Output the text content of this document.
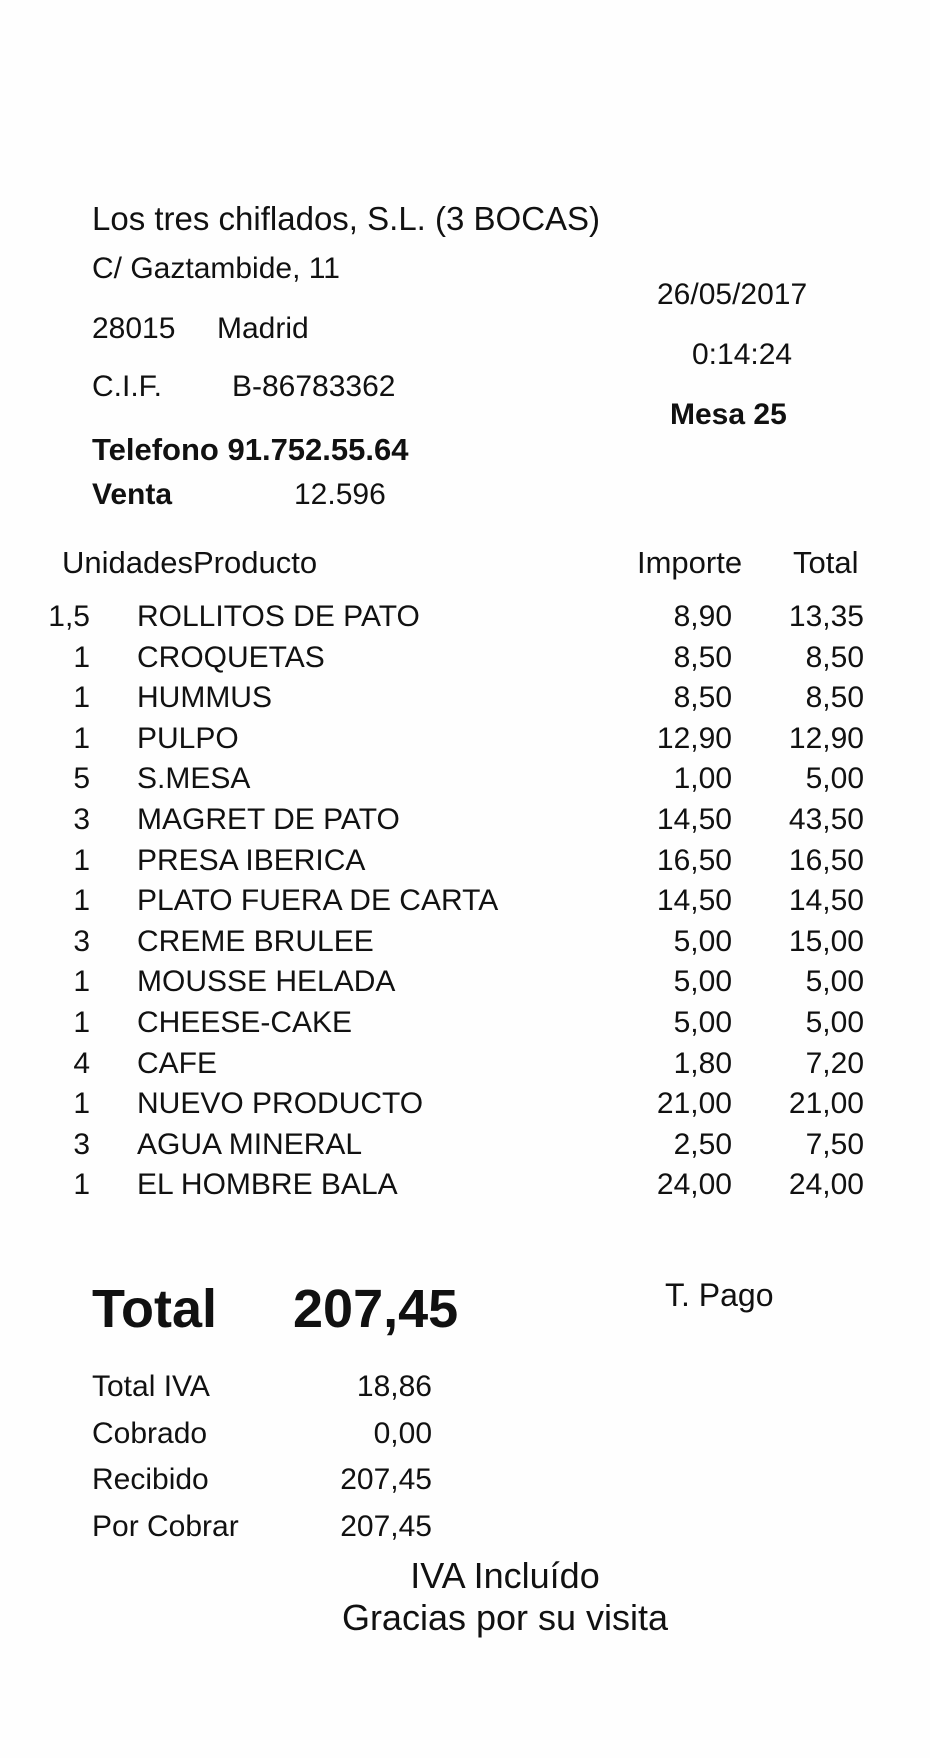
Los tres chiflados, S.L. (3 BOCAS)
C/ Gaztambide, 11
28015 Madrid
C.I.F. B-86783362
Telefono 91.752.55.64
Venta	12.596
26/05/2017
0:14:24
Mesa 25
UnidadesProducto	Importe Total
1,5 ROLLITOS DE PATO	8,90	13,35
1 CROQUETAS	8,50	8,50
1 HUMMUS	8,50	8,50
1 PULPO	12,90	12,90
5 S.MESA	1,00	5,00
3 MAGRET DE PATO	14,50	43,50
1 PRESA IBERICA	16,50	16,50
1 PLATO FUERA DE CARTA	14,50	14,50
3 CREME BRULEE	5,00	15,00
1 MOUSSE HELADA	5,00	5,00
1 CHEESE-CAKE	5,00	5,00
4 CAFE	1,80	7,20
1 NUEVO PRODUCTO	21,00	21,00
3 AGUA MINERAL	2,50	7,50
1 EL HOMBRE BALA	24,00	24,00
Total 207,45	T. Pago
Total IVA	18,86
Cobrado	0,00
Recibido	207,45
Por Cobrar	207,45
IVA Incluído
Gracias por su visita
